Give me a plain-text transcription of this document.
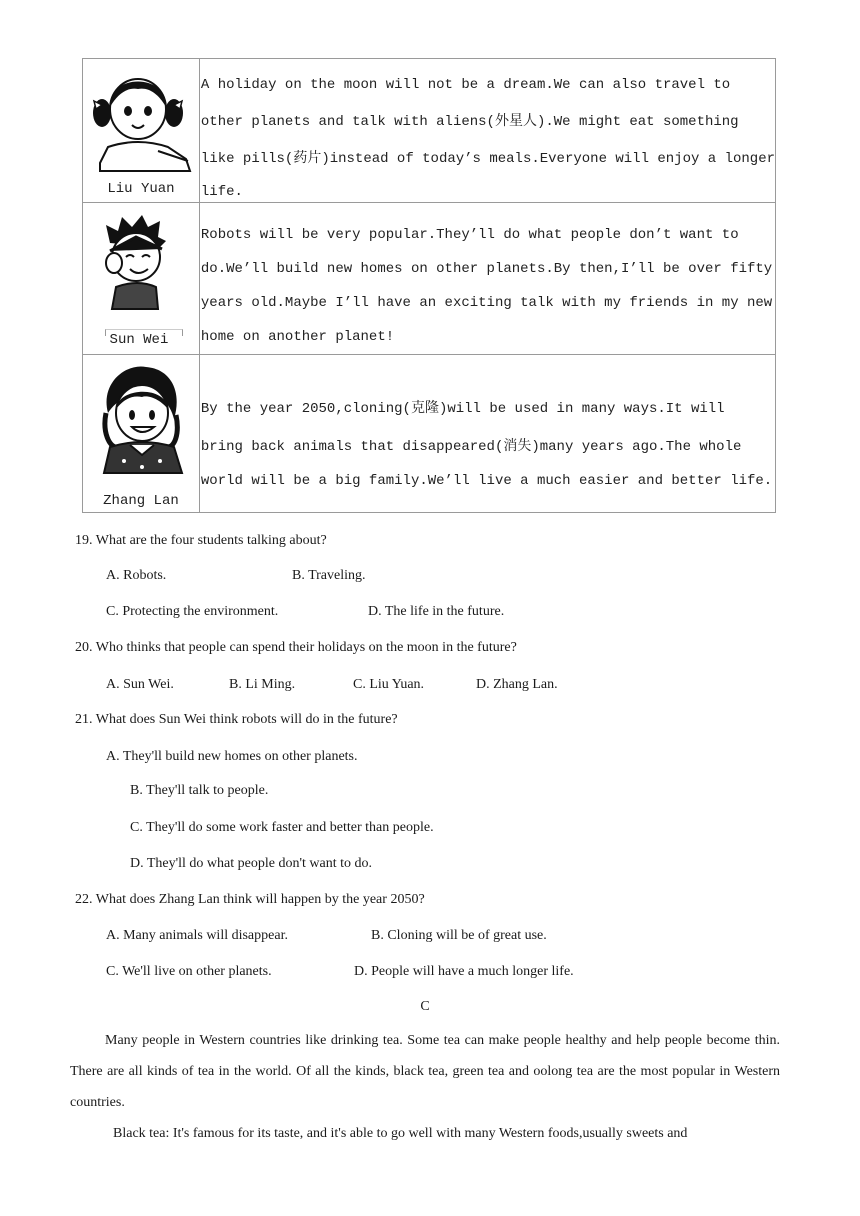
Liu Yuan	A holiday on the moon will not be a dream.We can also travel to

other planets and talk with aliens(外星人).We might eat something

like pills(药片)instead of today’s meals.Everyone will enjoy a longer

life.

Sun Wei	Robots will be very popular.They’ll do what people don’t want to

do.We’ll build new homes on other planets.By then,I’ll be over fifty

years old.Maybe I’ll have an exciting talk with my friends in my new

home on another planet!

Zhang Lan	By the year 2050,cloning(克隆)will be used in many ways.It will

bring back animals that disappeared(消失)many years ago.The whole

world will be a big family.We’ll live a much easier and better life.

19. What are the four students talking about?
A. Robots.	B. Traveling.
C. Protecting the environment.	D. The life in the future.
20. Who thinks that people can spend their holidays on the moon in the future?
A. Sun Wei.	B. Li Ming.	C. Liu Yuan.	D. Zhang Lan.
21. What does Sun Wei think robots will do in the future?
A. They'll build new homes on other planets.
B. They'll talk to people.
C. They'll do some work faster and better than people.
D. They'll do what people don't want to do.
22. What does Zhang Lan think will happen by the year 2050?
A. Many animals will disappear.	B. Cloning will be of great use.
C. We'll live on other planets.	D. People will have a much longer life.
C

Many people in Western countries like drinking tea. Some tea can make people healthy and help people become thin. There are all kinds of tea in the world. Of all the kinds, black tea, green tea and oolong tea are the most popular in Western countries.

Black tea: It's famous for its taste, and it's able to go well with many Western foods,usually sweets and
